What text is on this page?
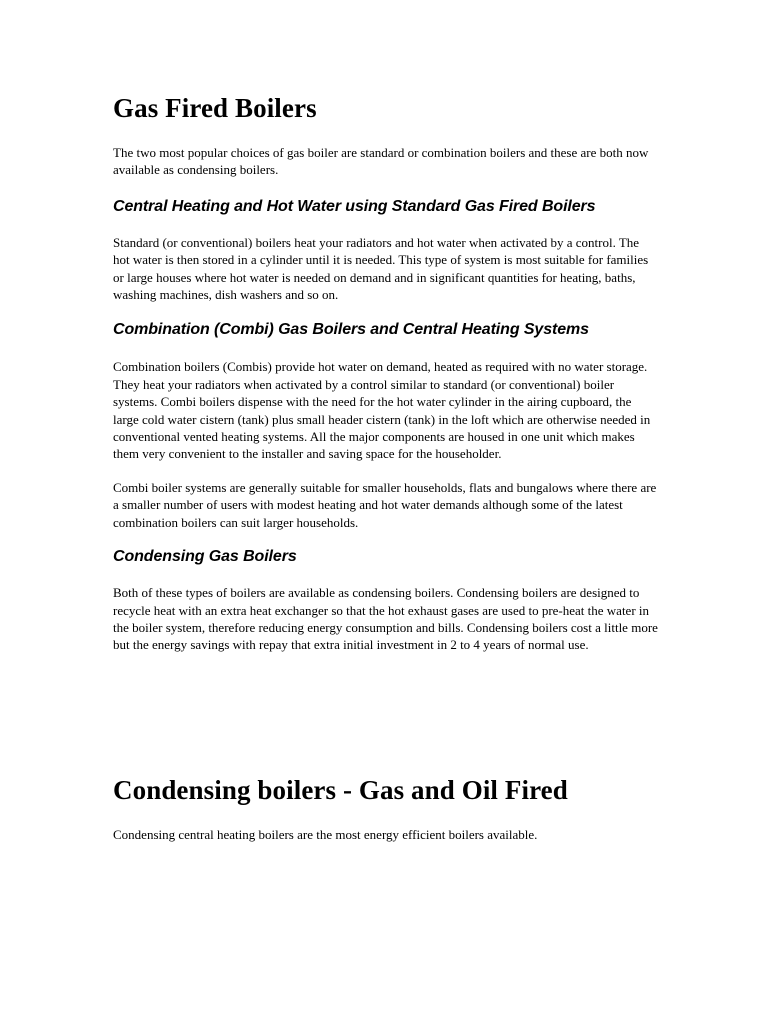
Gas Fired Boilers

The two most popular choices of gas boiler are standard or combination boilers and these are both now available as condensing boilers.

Central Heating and Hot Water using Standard Gas Fired Boilers

Standard (or conventional) boilers heat your radiators and hot water when activated by a control. The hot water is then stored in a cylinder until it is needed. This type of system is most suitable for families or large houses where hot water is needed on demand and in significant quantities for heating, baths, washing machines, dish washers and so on.

Combination (Combi) Gas Boilers and Central Heating Systems

Combination boilers (Combis) provide hot water on demand, heated as required with no water storage. They heat your radiators when activated by a control similar to standard (or conventional) boiler systems. Combi boilers dispense with the need for the hot water cylinder in the airing cupboard, the large cold water cistern (tank) plus small header cistern (tank) in the loft which are otherwise needed in conventional vented heating systems. All the major components are housed in one unit which makes them very convenient to the installer and saving space for the householder.

Combi boiler systems are generally suitable for smaller households, flats and bungalows where there are a smaller number of users with modest heating and hot water demands although some of the latest combination boilers can suit larger households.

Condensing Gas Boilers

Both of these types of boilers are available as condensing boilers. Condensing boilers are designed to recycle heat with an extra heat exchanger so that the hot exhaust gases are used to pre-heat the water in the boiler system, therefore reducing energy consumption and bills. Condensing boilers cost a little more but the energy savings with repay that extra initial investment in 2 to 4 years of normal use.

Condensing boilers - Gas and Oil Fired

Condensing central heating boilers are the most energy efficient boilers available.
